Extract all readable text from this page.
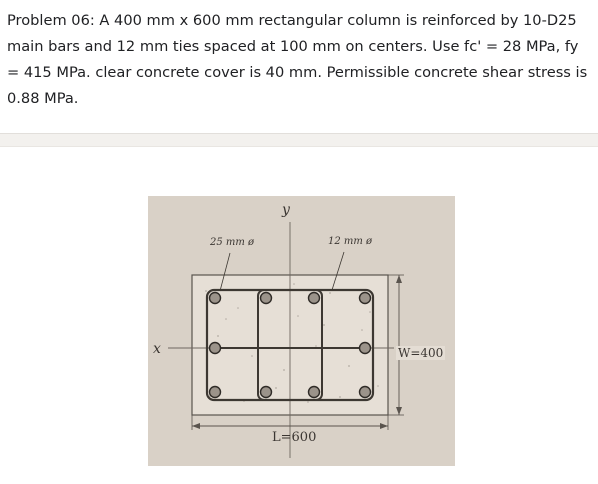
Problem 06: A 400 mm x 600 mm rectangular column is reinforced by 10-D25 main bars and 12 mm ties spaced at 100 mm on centers. Use fc' = 28 MPa, fy = 415 MPa. clear concrete cover is 40 mm. Permissible concrete shear stress is 0.88 MPa.

y
x
25 mm ø	12 mm ø
W=400
L=600
